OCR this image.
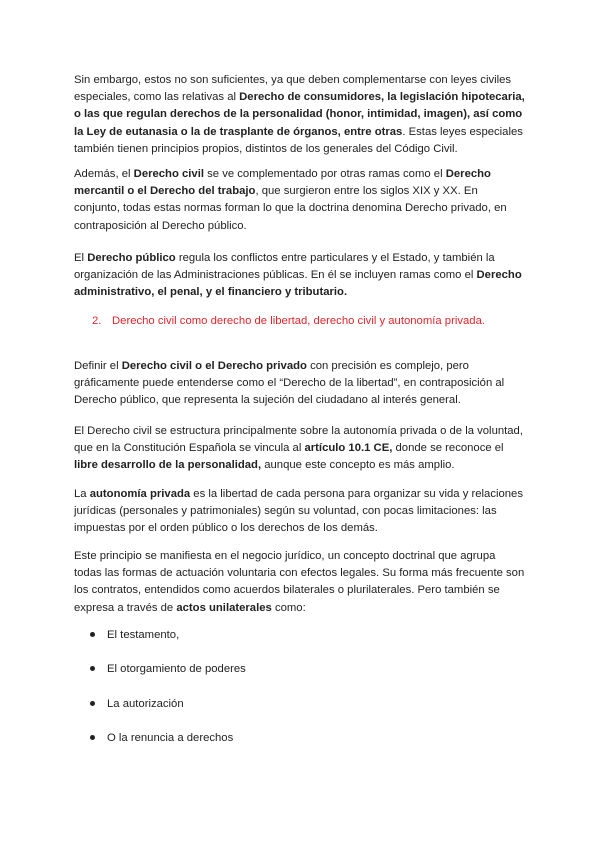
Sin embargo, estos no son suficientes, ya que deben complementarse con leyes civiles especiales, como las relativas al Derecho de consumidores, la legislación hipotecaria, o las que regulan derechos de la personalidad (honor, intimidad, imagen), así como la Ley de eutanasia o la de trasplante de órganos, entre otras. Estas leyes especiales también tienen principios propios, distintos de los generales del Código Civil.

Además, el Derecho civil se ve complementado por otras ramas como el Derecho mercantil o el Derecho del trabajo, que surgieron entre los siglos XIX y XX. En conjunto, todas estas normas forman lo que la doctrina denomina Derecho privado, en contraposición al Derecho público.

El Derecho público regula los conflictos entre particulares y el Estado, y también la organización de las Administraciones públicas. En él se incluyen ramas como el Derecho administrativo, el penal, y el financiero y tributario.

2. Derecho civil como derecho de libertad, derecho civil y autonomía privada.

Definir el Derecho civil o el Derecho privado con precisión es complejo, pero gráficamente puede entenderse como el “Derecho de la libertad”, en contraposición al Derecho público, que representa la sujeción del ciudadano al interés general.

El Derecho civil se estructura principalmente sobre la autonomía privada o de la voluntad, que en la Constitución Española se vincula al artículo 10.1 CE, donde se reconoce el libre desarrollo de la personalidad, aunque este concepto es más amplio.

La autonomía privada es la libertad de cada persona para organizar su vida y relaciones jurídicas (personales y patrimoniales) según su voluntad, con pocas limitaciones: las impuestas por el orden público o los derechos de los demás.

Este principio se manifiesta en el negocio jurídico, un concepto doctrinal que agrupa todas las formas de actuación voluntaria con efectos legales. Su forma más frecuente son los contratos, entendidos como acuerdos bilaterales o plurilaterales. Pero también se expresa a través de actos unilaterales como:

El testamento,
El otorgamiento de poderes
La autorización
O la renuncia a derechos
